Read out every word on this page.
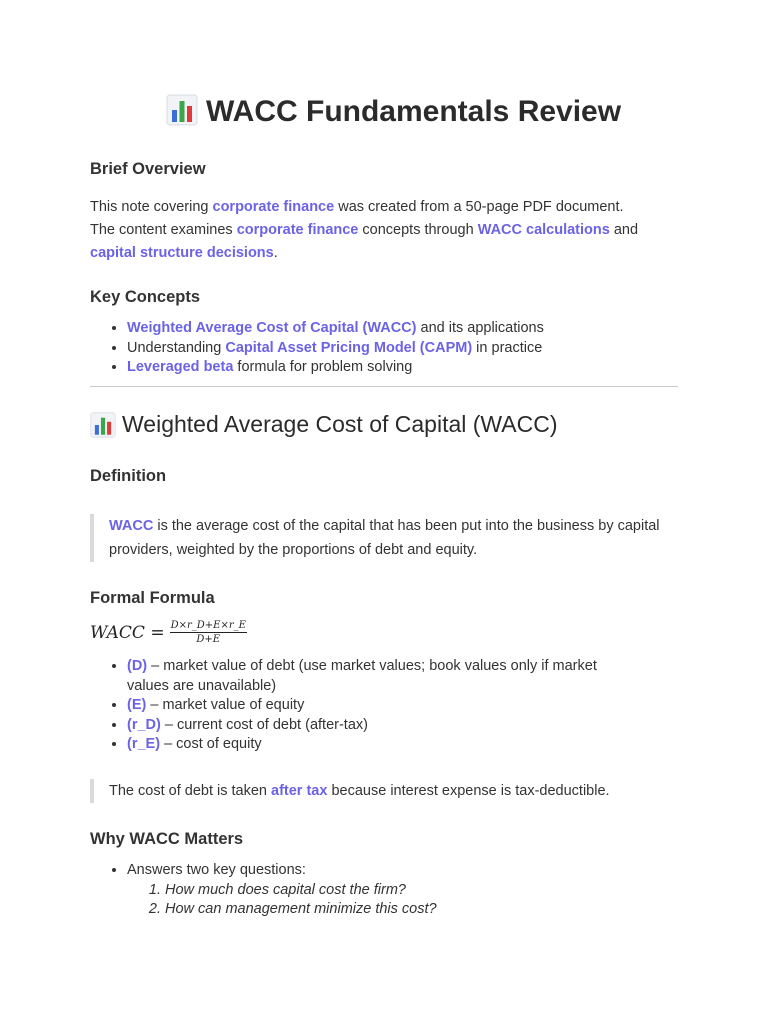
WACC Fundamentals Review
Brief Overview

This note covering corporate finance was created from a 50-page PDF document.
The content examines corporate finance concepts through WACC calculations and
capital structure decisions.

Key Concepts
• Weighted Average Cost of Capital (WACC) and its applications
• Understanding Capital Asset Pricing Model (CAPM) in practice
• Leveraged beta formula for problem solving
Weighted Average Cost of Capital (WACC)
Definition
WACC is the average cost of the capital that has been put into the business by capital providers, weighted by the proportions of debt and equity.
Formal Formula
WACC = $\frac{D\times r\_D+E\times r\_E}{D+E}$
• (D) – market value of debt (use market values; book values only if market values are unavailable)
• (E) – market value of equity
• (r_D) – current cost of debt (after-tax)
• (r_E) – cost of equity
The cost of debt is taken after tax because interest expense is tax-deductible.
Why WACC Matters
• Answers two key questions:
1. How much does capital cost the firm?
2. How can management minimize this cost?
